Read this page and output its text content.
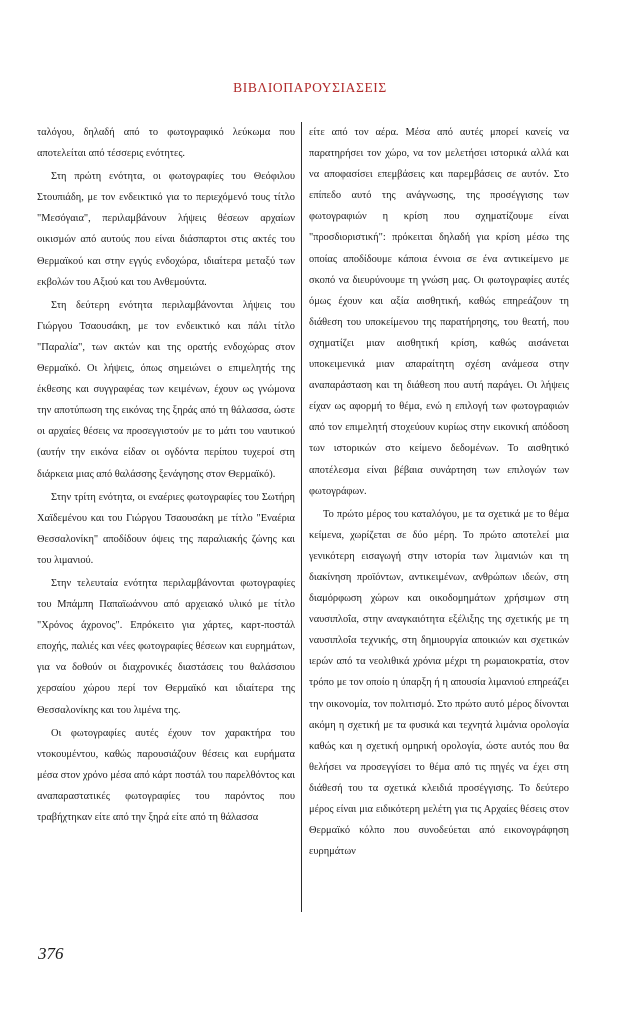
ΒΙΒΛΙΟΠΑΡΟΥΣΙΑΣΕΙΣ

ταλόγου, δηλαδή από το φωτογραφικό λεύκωμα που αποτελείται από τέσσερις ενότητες.

Στη πρώτη ενότητα, οι φωτογραφίες του Θεόφιλου Στουπιάδη, με τον ενδεικτικό για το περιεχόμενό τους τίτλο "Μεσόγαια", περιλαμβάνουν λήψεις θέσεων αρχαίων οικισμών από αυτούς που είναι διάσπαρτοι στις ακτές του Θερμαϊκού και στην εγγύς ενδοχώρα, ιδιαίτερα μεταξύ των εκβολών του Αξιού και του Ανθεμούντα.

Στη δεύτερη ενότητα περιλαμβάνονται λήψεις του Γιώργου Τσαουσάκη, με τον ενδεικτικό και πάλι τίτλο "Παραλία", των ακτών και της ορατής ενδοχώρας στον Θερμαϊκό. Οι λήψεις, όπως σημειώνει ο επιμελητής της έκθεσης και συγγραφέας των κειμένων, έχουν ως γνώμονα την αποτύπωση της εικόνας της ξηράς από τη θάλασσα, ώστε οι αρχαίες θέσεις να προσεγγιστούν με το μάτι του ναυτικού (αυτήν την εικόνα είδαν οι ογδόντα περίπου τυχεροί στη διάρκεια μιας από θαλάσσης ξενάγησης στον Θερμαϊκό).

Στην τρίτη ενότητα, οι εναέριες φωτογραφίες του Σωτήρη Χαϊδεμένου και του Γιώργου Τσαουσάκη με τίτλο "Εναέρια Θεσσαλονίκη" αποδίδουν όψεις της παραλιακής ζώνης και του λιμανιού.

Στην τελευταία ενότητα περιλαμβάνονται φωτογραφίες του Μπάμπη Παπαϊωάννου από αρχειακό υλικό με τίτλο "Χρόνος άχρονος". Επρόκειτο για χάρτες, καρτ-ποστάλ εποχής, παλιές και νέες φωτογραφίες θέσεων και ευρημάτων, για να δοθούν οι διαχρονικές διαστάσεις του θαλάσσιου χερσαίου χώρου περί τον Θερμαϊκό και ιδιαίτερα της Θεσσαλονίκης και του λιμένα της.

Οι φωτογραφίες αυτές έχουν τον χαρακτήρα του ντοκουμέντου, καθώς παρουσιάζουν θέσεις και ευρήματα μέσα στον χρόνο μέσα από κάρτ ποστάλ του παρελθόντος και αναπαραστατικές φωτογραφίες του παρόντος που τραβήχτηκαν είτε από την ξηρά είτε από τη θάλασσα

είτε από τον αέρα. Μέσα από αυτές μπορεί κανείς να παρατηρήσει τον χώρο, να τον μελετήσει ιστορικά αλλά και να αποφασίσει επεμβάσεις και παρεμβάσεις σε αυτόν. Στο επίπεδο αυτό της ανάγνωσης, της προσέγγισης των φωτογραφιών η κρίση που σχηματίζουμε είναι "προσδιοριστική": πρόκειται δηλαδή για κρίση μέσω της οποίας αποδίδουμε κάποια έννοια σε ένα αντικείμενο με σκοπό να διευρύνουμε τη γνώση μας. Οι φωτογραφίες αυτές όμως έχουν και αξία αισθητική, καθώς επηρεάζουν τη διάθεση του υποκείμενου της παρατήρησης, του θεατή, που σχηματίζει μιαν αισθητική κρίση, καθώς αισάνεται υποκειμενικά μιαν απαραίτητη σχέση ανάμεσα στην αναπαράσταση και τη διάθεση που αυτή παράγει. Οι λήψεις είχαν ως αφορμή το θέμα, ενώ η επιλογή των φωτογραφιών από τον επιμελητή στοχεύουν κυρίως στην εικονική απόδοση των ιστορικών στο κείμενο δεδομένων. Το αισθητικό αποτέλεσμα είναι βέβαια συνάρτηση των επιλογών των φωτογράφων.

Το πρώτο μέρος του καταλόγου, με τα σχετικά με το θέμα κείμενα, χωρίζεται σε δύο μέρη. Το πρώτο αποτελεί μια γενικότερη εισαγωγή στην ιστορία των λιμανιών και τη διακίνηση προϊόντων, αντικειμένων, ανθρώπων ιδεών, στη διαμόρφωση χώρων και οικοδομημάτων χρήσιμων στη ναυσιπλοΐα, στην αναγκαιότητα εξέλιξης της σχετικής με τη ναυσιπλοΐα τεχνικής, στη δημιουργία αποικιών και σχετικών ιερών από τα νεολιθικά χρόνια μέχρι τη ρωμαιοκρατία, στον τρόπο με τον οποίο η ύπαρξη ή η απουσία λιμανιού επηρεάζει την οικονομία, τον πολιτισμό. Στο πρώτο αυτό μέρος δίνονται ακόμη η σχετική με τα φυσικά και τεχνητά λιμάνια ορολογία καθώς και η σχετική ομηρική ορολογία, ώστε αυτός που θα θελήσει να προσεγγίσει το θέμα από τις πηγές να έχει στη διάθεσή του τα σχετικά κλειδιά προσέγγισης. Το δεύτερο μέρος είναι μια ειδικότερη μελέτη για τις Αρχαίες θέσεις στον Θερμαϊκό κόλπο που συνοδεύεται από εικονογράφηση ευρημάτων

376
